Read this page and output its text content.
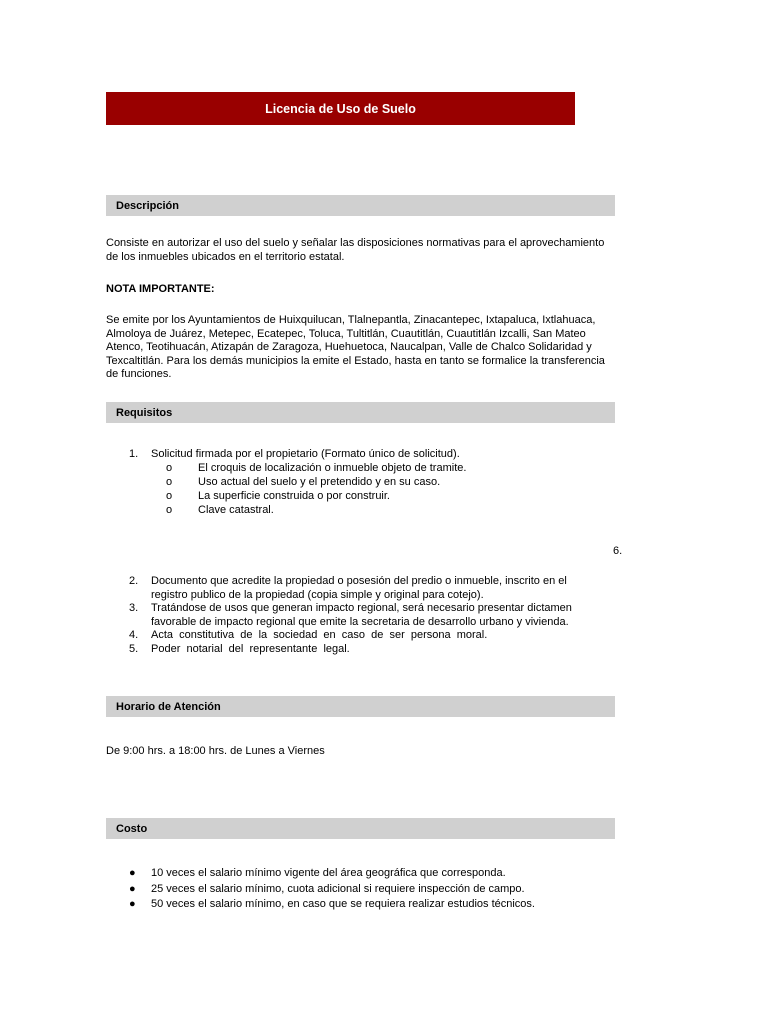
Licencia de Uso de Suelo
Descripción
Consiste en autorizar el uso del suelo y señalar las disposiciones normativas para el aprovechamiento de los inmuebles ubicados en el territorio estatal.
NOTA IMPORTANTE:
Se emite por los Ayuntamientos de Huixquilucan, Tlalnepantla, Zinacantepec, Ixtapaluca, Ixtlahuaca, Almoloya de Juárez, Metepec, Ecatepec, Toluca, Tultitlán, Cuautitlán, Cuautitlán Izcalli, San Mateo Atenco, Teotihuacán, Atizapán de Zaragoza, Huehuetoca, Naucalpan, Valle de Chalco Solidaridad y Texcaltitlán. Para los demás municipios la emite el Estado, hasta en tanto se formalice la transferencia de funciones.
Requisitos
1.	Solicitud firmada por el propietario (Formato único de solicitud).
o	El croquis de localización o inmueble objeto de tramite.
o	Uso actual del suelo y el pretendido y en su caso.
o	La superficie construida o por construir.
o	Clave catastral.
6.
2.	Documento que acredite la propiedad o posesión del predio o inmueble, inscrito en el
registro publico de la propiedad (copia simple y original para cotejo).
3.	Tratándose de usos que generan impacto regional, será necesario presentar dictamen
favorable de impacto regional que emite la secretaria de desarrollo urbano y vivienda.
4.	Acta  constitutiva  de  la  sociedad  en  caso  de  ser  persona  moral.
5.	Poder  notarial  del  representante  legal.
Horario de Atención
De 9:00 hrs. a 18:00 hrs. de Lunes a Viernes
Costo
●	10 veces el salario mínimo vigente del área geográfica que corresponda.
●	25 veces el salario mínimo, cuota adicional si requiere inspección de campo.
●	50 veces el salario mínimo, en caso que se requiera realizar estudios técnicos.
